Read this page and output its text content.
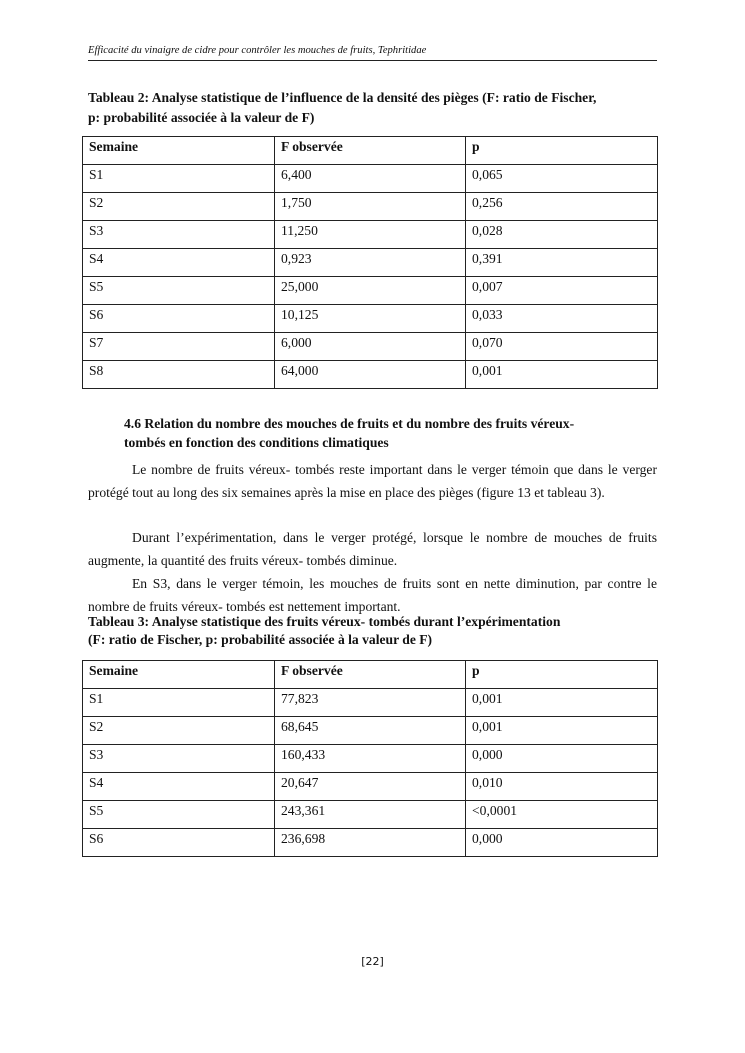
Efficacité du vinaigre de cidre pour contrôler les mouches de fruits, Tephritidae
Tableau 2: Analyse statistique de l’influence de la densité des pièges (F: ratio de Fischer,
p: probabilité associée à la valeur de F)
Semaine	F observée	p
S1	6,400	0,065
S2	1,750	0,256
S3	11,250	0,028
S4	0,923	0,391
S5	25,000	0,007
S6	10,125	0,033
S7	6,000	0,070
S8	64,000	0,001
4.6 Relation du nombre des mouches de fruits et du nombre des fruits véreux-
tombés en fonction des conditions climatiques
Le nombre de fruits véreux- tombés reste important dans le verger témoin que dans le verger protégé tout au long des six semaines après la mise en place des pièges (figure 13 et tableau 3).
Durant l’expérimentation, dans le verger protégé, lorsque le nombre de mouches de fruits augmente, la quantité des fruits véreux- tombés diminue.
En S3, dans le verger témoin, les mouches de fruits sont en nette diminution, par contre le nombre de fruits véreux- tombés est nettement important.
Tableau 3: Analyse statistique des fruits véreux- tombés durant l’expérimentation
(F: ratio de Fischer, p: probabilité associée à la valeur de F)
Semaine	F observée	p
S1	77,823	0,001
S2	68,645	0,001
S3	160,433	0,000
S4	20,647	0,010
S5	243,361	<0,0001
S6	236,698	0,000
[22]
